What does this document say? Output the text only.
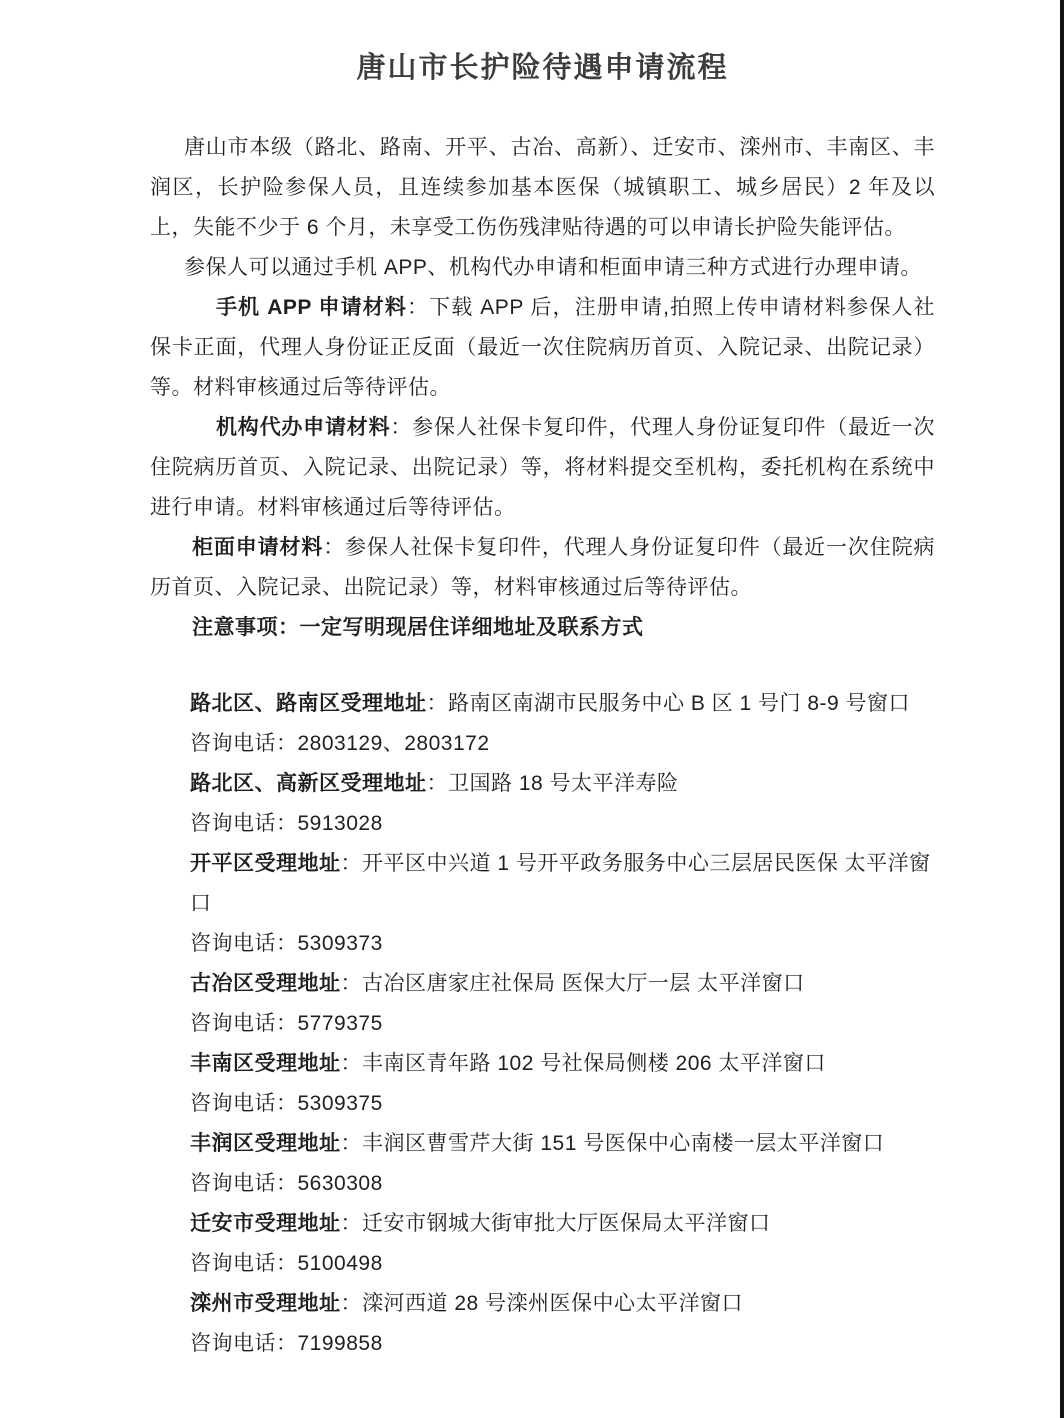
唐山市长护险待遇申请流程

唐山市本级（路北、路南、开平、古冶、高新）、迁安市、滦州市、丰南区、丰润区，长护险参保人员，且连续参加基本医保（城镇职工、城乡居民）2 年及以上，失能不少于 6 个月，未享受工伤伤残津贴待遇的可以申请长护险失能评估。

参保人可以通过手机 APP、机构代办申请和柜面申请三种方式进行办理申请。

手机 APP 申请材料：下载 APP 后，注册申请,拍照上传申请材料参保人社保卡正面，代理人身份证正反面（最近一次住院病历首页、入院记录、出院记录）等。材料审核通过后等待评估。

机构代办申请材料：参保人社保卡复印件，代理人身份证复印件（最近一次住院病历首页、入院记录、出院记录）等，将材料提交至机构，委托机构在系统中进行申请。材料审核通过后等待评估。

柜面申请材料：参保人社保卡复印件，代理人身份证复印件（最近一次住院病历首页、入院记录、出院记录）等，材料审核通过后等待评估。

注意事项：一定写明现居住详细地址及联系方式

路北区、路南区受理地址：路南区南湖市民服务中心 B 区 1 号门 8-9 号窗口

咨询电话：2803129、2803172

路北区、高新区受理地址：卫国路 18 号太平洋寿险

咨询电话：5913028

开平区受理地址：开平区中兴道 1 号开平政务服务中心三层居民医保 太平洋窗口

咨询电话：5309373

古冶区受理地址：古冶区唐家庄社保局 医保大厅一层 太平洋窗口

咨询电话：5779375

丰南区受理地址：丰南区青年路 102 号社保局侧楼 206 太平洋窗口

咨询电话：5309375

丰润区受理地址：丰润区曹雪芹大街 151 号医保中心南楼一层太平洋窗口

咨询电话：5630308

迁安市受理地址：迁安市钢城大街审批大厅医保局太平洋窗口

咨询电话：5100498

滦州市受理地址：滦河西道 28 号滦州医保中心太平洋窗口

咨询电话：7199858
